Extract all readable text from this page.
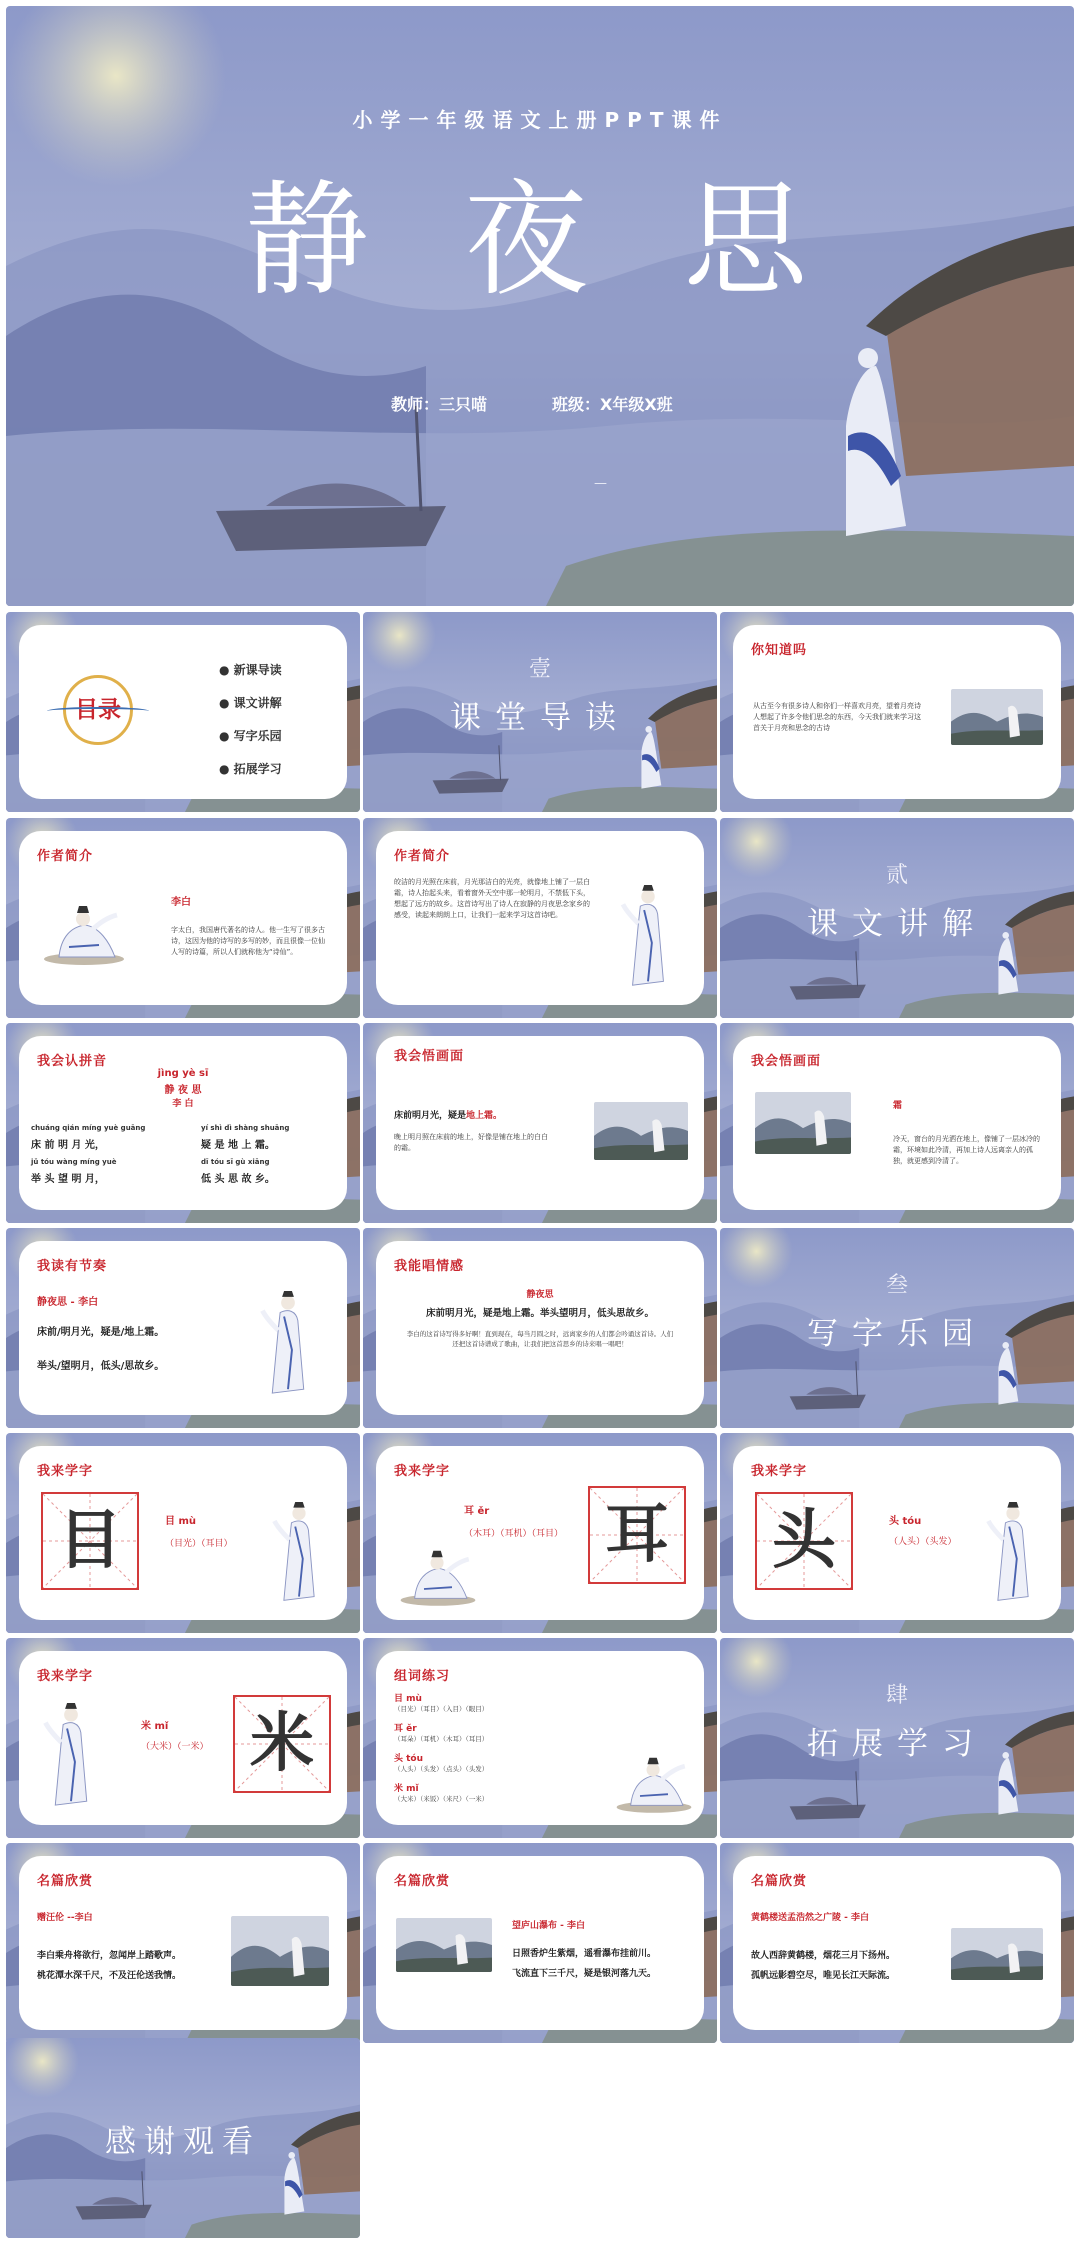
小学一年级语文上册PPT课件
静 夜 思
教师：三只喵	班级：X年级X班
—
目录
● 新课导读
● 课文讲解
● 写字乐园
● 拓展学习
壹
课堂导读
你知道吗
从古至今有很多诗人和你们一样喜欢月亮，望着月亮诗人想起了许多令他们思念的东西，今天我们就来学习这首关于月亮和思念的古诗
作者简介
李白
字太白，我国唐代著名的诗人。他一生写了很多古诗，这因为他的诗写的多写的妙，而且很像一位仙人写的诗篇，所以人们就称他为“诗仙”。
作者简介
皎洁的月光照在床前，月光那洁白的光亮，就像地上铺了一层白霜，诗人抬起头来，看着窗外天空中那一轮明月，不禁低下头，想起了远方的故乡。这首诗写出了诗人在寂静的月夜思念家乡的感受，读起来朗朗上口，让我们一起来学习这首诗吧。
贰
课文讲解
我会认拼音
jìng yè sī
静 夜 思
李 白
chuáng qián míng yuè guāng
床 前 明 月 光，
yí shì dì shàng shuāng
疑 是 地 上 霜。
jǔ tóu wàng míng yuè
举 头 望 明 月，
dī tóu sī gù xiāng
低 头 思 故 乡。
我会悟画面
床前明月光，疑是地上霜。
晚上明月照在床前的地上，好像是铺在地上的白白的霜。
我会悟画面
霜
冷天，窗台的月光洒在地上，像铺了一层冰冷的霜，环境如此冷清，再加上诗人远离亲人的孤独，就更感到冷清了。
我读有节奏
静夜思 - 李白
床前/明月光，疑是/地上霜。
举头/望明月，低头/思故乡。
我能唱情感
静夜思
床前明月光，疑是地上霜。举头望明月，低头思故乡。
李白的这首诗写得多好啊！直到现在，每当月圆之时，远离家乡的人们都会吟诵这首诗。人们还把这首诗谱成了歌曲，让我们把这首思乡的诗来唱一唱吧！
叁
写字乐园
我来学字
目	目 mù
（目光）（耳目）
我来学字
耳 ěr
（木耳）（耳机）（耳目） 耳
我来学字
头	头 tóu
（人头）（头发）
我来学字
米 mǐ
（大米）（一米） 米
组词练习
目 mù
（目光）（耳目）（入目）（眼目）
耳 ěr
（耳朵）（耳机）（木耳）（耳目）
头 tóu
（人头）（头发）（点头）（头发）
米 mǐ
（大米）（米饭）（米尺）（一米）
肆
拓展学习
名篇欣赏
赠汪伦 --李白
李白乘舟将欲行，忽闻岸上踏歌声。
桃花潭水深千尺，不及汪伦送我情。
名篇欣赏
望庐山瀑布 - 李白
日照香炉生紫烟，遥看瀑布挂前川。
飞流直下三千尺，疑是银河落九天。
名篇欣赏
黄鹤楼送孟浩然之广陵 - 李白
故人西辞黄鹤楼，烟花三月下扬州。
孤帆远影碧空尽，唯见长江天际流。
感谢观看
